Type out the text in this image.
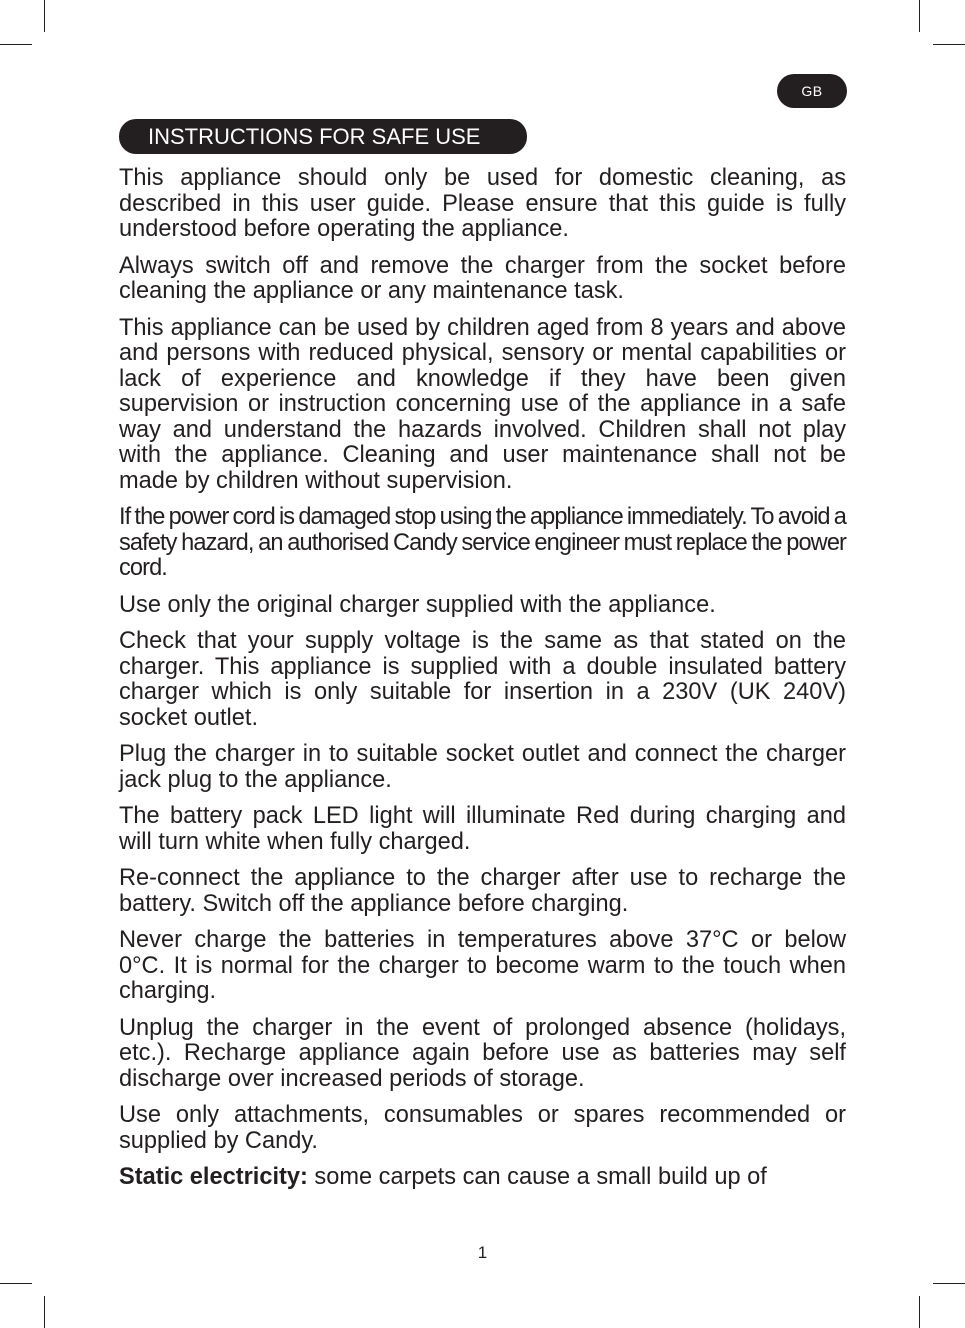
GB
INSTRUCTIONS FOR SAFE USE

This appliance should only be used for domestic cleaning, as described in this user guide. Please ensure that this guide is fully understood before operating the appliance.

Always switch off and remove the charger from the socket before cleaning the appliance or any maintenance task.

This appliance can be used by children aged from 8 years and above and persons with reduced physical, sensory or mental capabilities or lack of experience and knowledge if they have been given supervision or instruction concerning use of the appliance in a safe way and understand the hazards involved. Children shall not play with the appliance. Cleaning and user maintenance shall not be made by children without supervision.

If the power cord is damaged stop using the appliance immediately. To avoid a safety hazard, an authorised Candy service engineer must replace the power cord.

Use only the original charger supplied with the appliance.

Check that your supply voltage is the same as that stated on the charger. This appliance is supplied with a double insulated battery charger which is only suitable for insertion in a 230V (UK 240V) socket outlet.

Plug the charger in to suitable socket outlet and connect the charger jack plug to the appliance.

The battery pack LED light will illuminate Red during charging and will turn white when fully charged.

Re-connect the appliance to the charger after use to recharge the battery. Switch off the appliance before charging.

Never charge the batteries in temperatures above 37°C or below 0°C. It is normal for the charger to become warm to the touch when charging.

Unplug the charger in the event of prolonged absence (holidays, etc.). Recharge appliance again before use as batteries may self discharge over increased periods of storage.

Use only attachments, consumables or spares recommended or supplied by Candy.

Static electricity: some carpets can cause a small build up of

1
